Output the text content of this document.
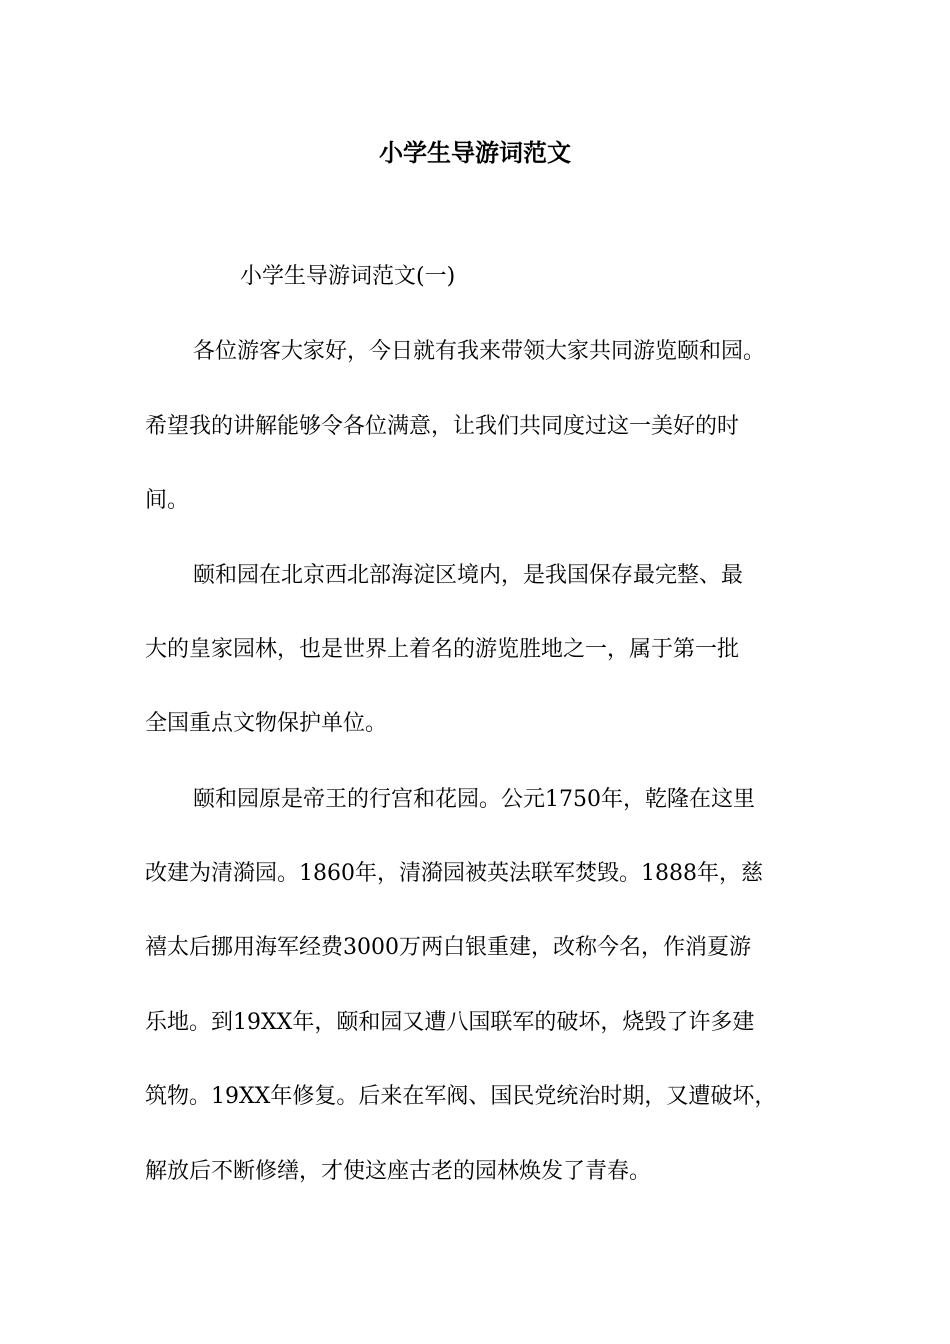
小学生导游词范文
小学生导游词范文(一)
各位游客大家好，今日就有我来带领大家共同游览颐和园。
希望我的讲解能够令各位满意，让我们共同度过这一美好的时
间。
颐和园在北京西北部海淀区境内，是我国保存最完整、最
大的皇家园林，也是世界上着名的游览胜地之一，属于第一批
全国重点文物保护单位。
颐和园原是帝王的行宫和花园。公元1750年，乾隆在这里
改建为清漪园。1860年，清漪园被英法联军焚毁。1888年，慈
禧太后挪用海军经费3000万两白银重建，改称今名，作消夏游
乐地。到19XX年，颐和园又遭八国联军的破坏，烧毁了许多建
筑物。19XX年修复。后来在军阀、国民党统治时期，又遭破坏，
解放后不断修缮，才使这座古老的园林焕发了青春。
